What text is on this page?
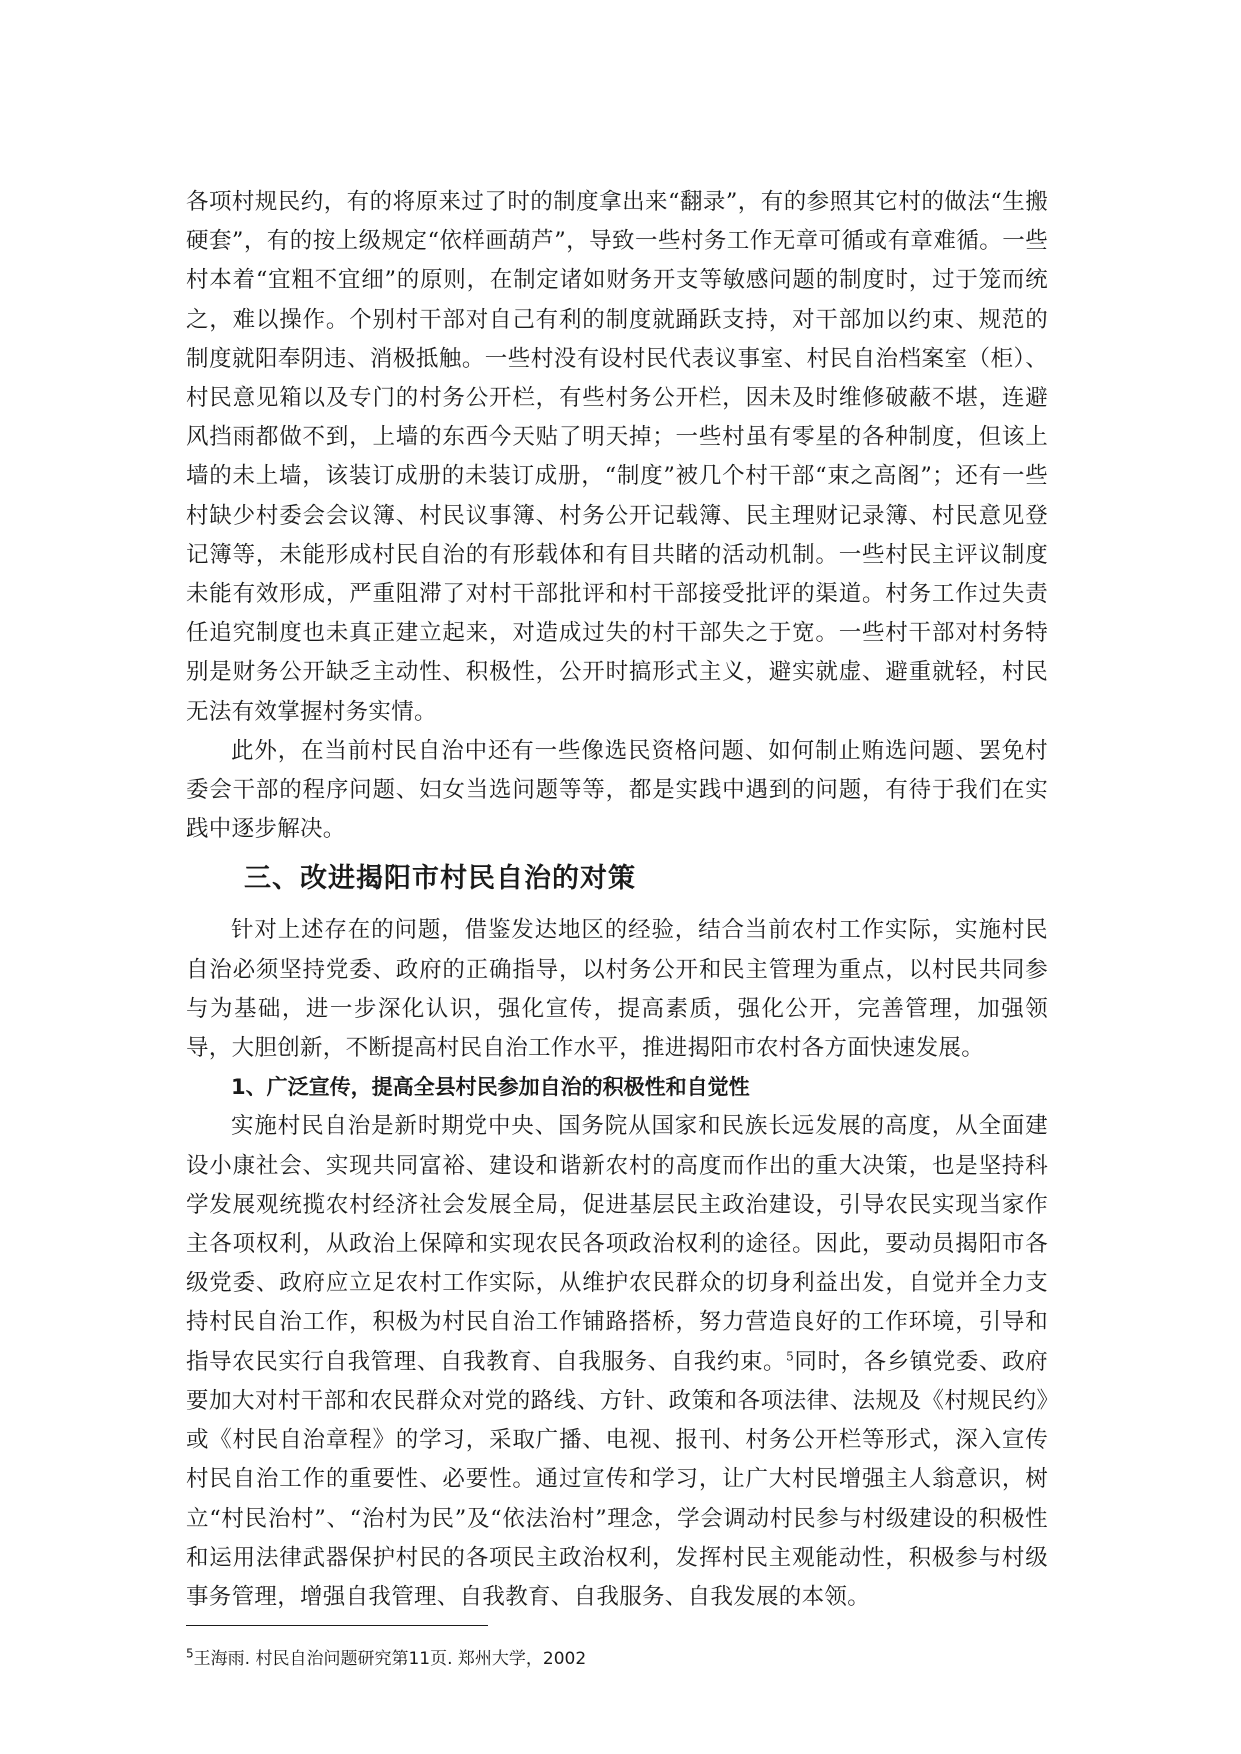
各项村规民约，有的将原来过了时的制度拿出来“翻录”，有的参照其它村的做法“生搬硬套”，有的按上级规定“依样画葫芦”，导致一些村务工作无章可循或有章难循。一些村本着“宜粗不宜细”的原则，在制定诸如财务开支等敏感问题的制度时，过于笼而统之，难以操作。个别村干部对自己有利的制度就踊跃支持，对干部加以约束、规范的制度就阳奉阴违、消极抵触。一些村没有设村民代表议事室、村民自治档案室（柜）、村民意见箱以及专门的村务公开栏，有些村务公开栏，因未及时维修破蔽不堪，连避风挡雨都做不到，上墙的东西今天贴了明天掉；一些村虽有零星的各种制度，但该上墙的未上墙，该装订成册的未装订成册，“制度”被几个村干部“束之高阁”；还有一些村缺少村委会会议簿、村民议事簿、村务公开记载簿、民主理财记录簿、村民意见登记簿等，未能形成村民自治的有形载体和有目共睹的活动机制。一些村民主评议制度未能有效形成，严重阻滞了对村干部批评和村干部接受批评的渠道。村务工作过失责任追究制度也未真正建立起来，对造成过失的村干部失之于宽。一些村干部对村务特别是财务公开缺乏主动性、积极性，公开时搞形式主义，避实就虚、避重就轻，村民无法有效掌握村务实情。

此外，在当前村民自治中还有一些像选民资格问题、如何制止贿选问题、罢免村委会干部的程序问题、妇女当选问题等等，都是实践中遇到的问题，有待于我们在实践中逐步解决。

三、改进揭阳市村民自治的对策

针对上述存在的问题，借鉴发达地区的经验，结合当前农村工作实际，实施村民自治必须坚持党委、政府的正确指导，以村务公开和民主管理为重点，以村民共同参与为基础，进一步深化认识，强化宣传，提高素质，强化公开，完善管理，加强领导，大胆创新，不断提高村民自治工作水平，推进揭阳市农村各方面快速发展。

1、广泛宣传，提高全县村民参加自治的积极性和自觉性

实施村民自治是新时期党中央、国务院从国家和民族长远发展的高度，从全面建设小康社会、实现共同富裕、建设和谐新农村的高度而作出的重大决策，也是坚持科学发展观统揽农村经济社会发展全局，促进基层民主政治建设，引导农民实现当家作主各项权利，从政治上保障和实现农民各项政治权利的途径。因此，要动员揭阳市各级党委、政府应立足农村工作实际，从维护农民群众的切身利益出发，自觉并全力支持村民自治工作，积极为村民自治工作铺路搭桥，努力营造良好的工作环境，引导和指导农民实行自我管理、自我教育、自我服务、自我约束。$^5$同时，各乡镇党委、政府要加大对村干部和农民群众对党的路线、方针、政策和各项法律、法规及《村规民约》或《村民自治章程》的学习，采取广播、电视、报刊、村务公开栏等形式，深入宣传村民自治工作的重要性、必要性。通过宣传和学习，让广大村民增强主人翁意识，树立“村民治村”、“治村为民”及“依法治村”理念，学会调动村民参与村级建设的积极性和运用法律武器保护村民的各项民主政治权利，发挥村民主观能动性，积极参与村级事务管理，增强自我管理、自我教育、自我服务、自我发展的本领。

$^5$王海雨. 村民自治问题研究第11页. 郑州大学，2002
